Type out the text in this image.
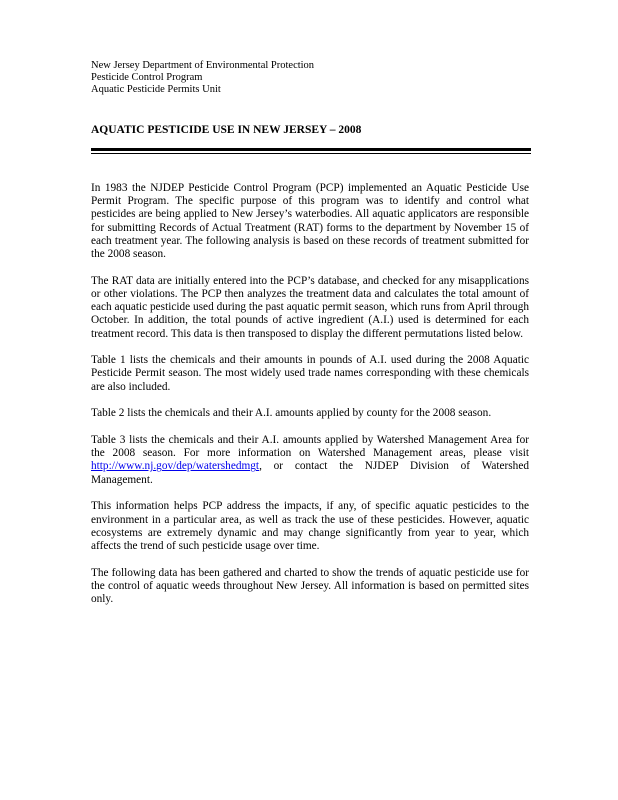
New Jersey Department of Environmental Protection
Pesticide Control Program
Aquatic Pesticide Permits Unit
AQUATIC PESTICIDE USE IN NEW JERSEY – 2008

In 1983 the NJDEP Pesticide Control Program (PCP) implemented an Aquatic Pesticide Use Permit Program. The specific purpose of this program was to identify and control what pesticides are being applied to New Jersey’s waterbodies. All aquatic applicators are responsible for submitting Records of Actual Treatment (RAT) forms to the department by November 15 of each treatment year. The following analysis is based on these records of treatment submitted for the 2008 season.

The RAT data are initially entered into the PCP’s database, and checked for any misapplications or other violations. The PCP then analyzes the treatment data and calculates the total amount of each aquatic pesticide used during the past aquatic permit season, which runs from April through October. In addition, the total pounds of active ingredient (A.I.) used is determined for each treatment record. This data is then transposed to display the different permutations listed below.

Table 1 lists the chemicals and their amounts in pounds of A.I. used during the 2008 Aquatic Pesticide Permit season. The most widely used trade names corresponding with these chemicals are also included.

Table 2 lists the chemicals and their A.I. amounts applied by county for the 2008 season.

Table 3 lists the chemicals and their A.I. amounts applied by Watershed Management Area for the 2008 season. For more information on Watershed Management areas, please visit http://www.nj.gov/dep/watershedmgt, or contact the NJDEP Division of Watershed Management.

This information helps PCP address the impacts, if any, of specific aquatic pesticides to the environment in a particular area, as well as track the use of these pesticides. However, aquatic ecosystems are extremely dynamic and may change significantly from year to year, which affects the trend of such pesticide usage over time.

The following data has been gathered and charted to show the trends of aquatic pesticide use for the control of aquatic weeds throughout New Jersey. All information is based on permitted sites only.
